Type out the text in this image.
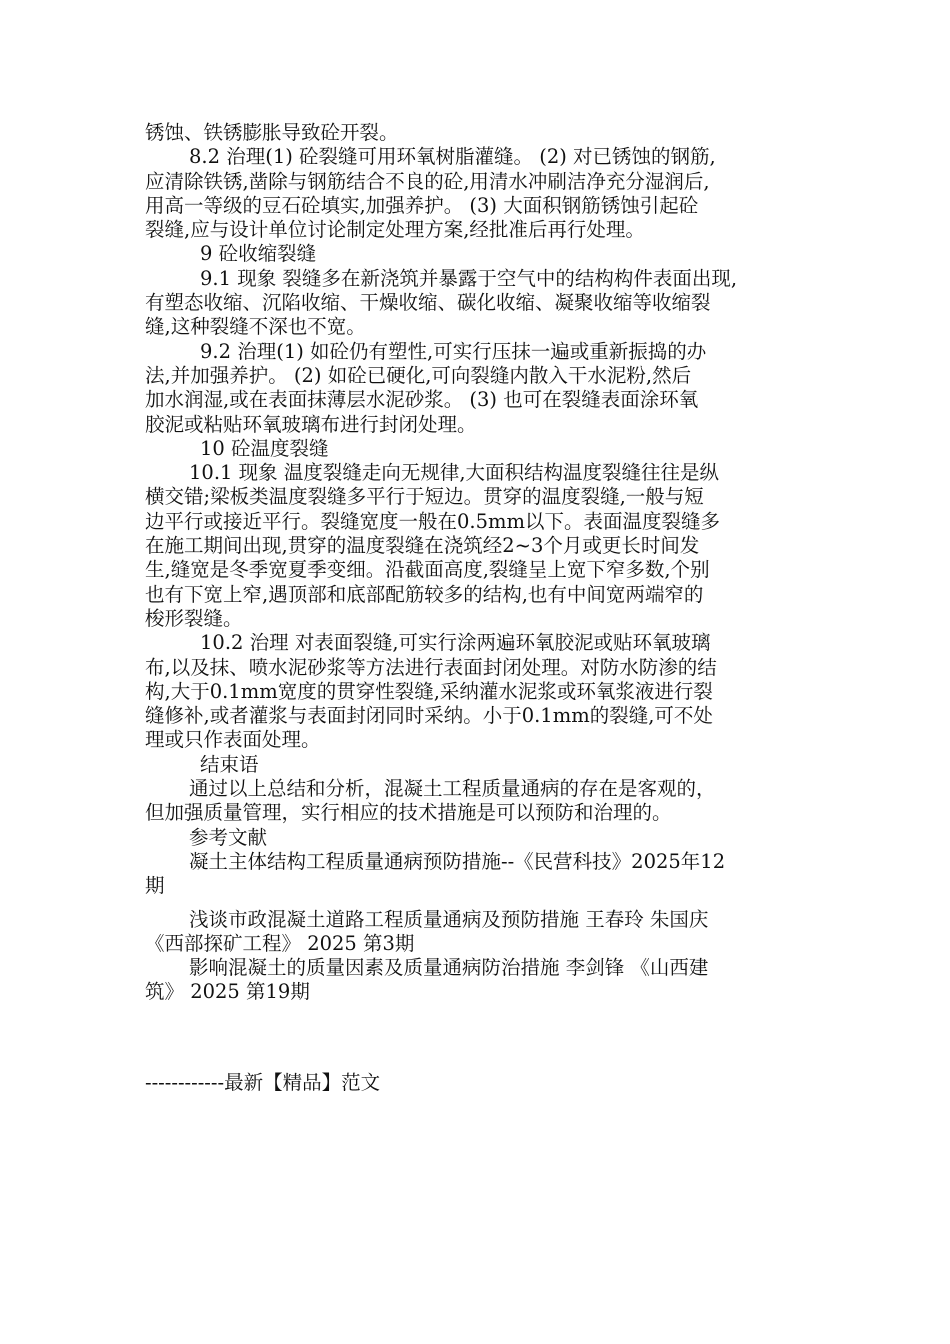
锈蚀、铁锈膨胀导致砼开裂。
8.2 治理(1) 砼裂缝可用环氧树脂灌缝。 (2) 对已锈蚀的钢筋,
应清除铁锈,凿除与钢筋结合不良的砼,用清水冲刷洁净充分湿润后,
用高一等级的豆石砼填实,加强养护。 (3) 大面积钢筋锈蚀引起砼
裂缝,应与设计单位讨论制定处理方案,经批准后再行处理。
9 砼收缩裂缝
9.1 现象 裂缝多在新浇筑并暴露于空气中的结构构件表面出现,
有塑态收缩、沉陷收缩、干燥收缩、碳化收缩、凝聚收缩等收缩裂
缝,这种裂缝不深也不宽。
9.2 治理(1) 如砼仍有塑性,可实行压抹一遍或重新振捣的办
法,并加强养护。 (2) 如砼已硬化,可向裂缝内散入干水泥粉,然后
加水润湿,或在表面抹薄层水泥砂浆。 (3) 也可在裂缝表面涂环氧
胶泥或粘贴环氧玻璃布进行封闭处理。
10 砼温度裂缝
10.1 现象 温度裂缝走向无规律,大面积结构温度裂缝往往是纵
横交错;梁板类温度裂缝多平行于短边。贯穿的温度裂缝,一般与短
边平行或接近平行。裂缝宽度一般在0.5mm以下。表面温度裂缝多
在施工期间出现,贯穿的温度裂缝在浇筑经2~3个月或更长时间发
生,缝宽是冬季宽夏季变细。沿截面高度,裂缝呈上宽下窄多数,个别
也有下宽上窄,遇顶部和底部配筋较多的结构,也有中间宽两端窄的
梭形裂缝。
10.2 治理 对表面裂缝,可实行涂两遍环氧胶泥或贴环氧玻璃
布,以及抹、喷水泥砂浆等方法进行表面封闭处理。对防水防渗的结
构,大于0.1mm宽度的贯穿性裂缝,采纳灌水泥浆或环氧浆液进行裂
缝修补,或者灌浆与表面封闭同时采纳。小于0.1mm的裂缝,可不处
理或只作表面处理。
结束语
通过以上总结和分析，混凝土工程质量通病的存在是客观的，
但加强质量管理，实行相应的技术措施是可以预防和治理的。
参考文献
凝土主体结构工程质量通病预防措施--《民营科技》2025年12
期
浅谈市政混凝土道路工程质量通病及预防措施 王春玲 朱国庆
《西部探矿工程》 2025 第3期
影响混凝土的质量因素及质量通病防治措施 李剑锋 《山西建
筑》 2025 第19期
------------最新【精品】范文
